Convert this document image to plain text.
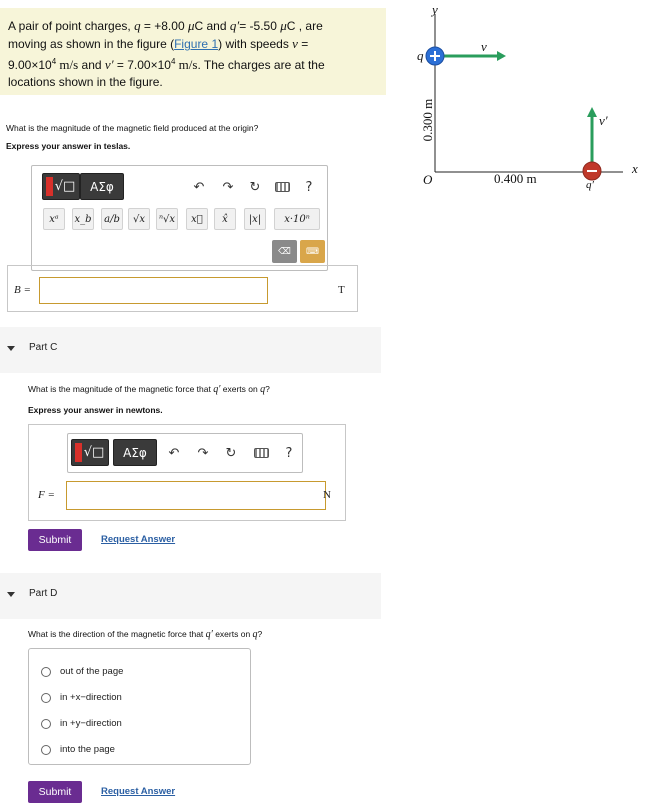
A pair of point charges, q = +8.00 μC and q′= -5.50 μC , are
moving as shown in the figure (Figure 1) with speeds v =
$9.00\times 10^4$ m/s and $v' = 7.00\times 10^4$ m/s. The charges are at the
locations shown in the figure.
What is the magnitude of the magnetic field produced at the origin?
Express your answer in teslas.
√□	ΑΣφ	↶	↷	↻	?
xᵃ	x_b	a/b	√x	ⁿ√x	x⃗	x̂	|x|	x·10ⁿ
⌫ ⌨
B =	T
Part C
What is the magnitude of the magnetic force that q′ exerts on q?
Express your answer in newtons.
√□	ΑΣφ	↶	↷	↻	?
F =	N
Submit	Request Answer
Part D
What is the direction of the magnetic force that q′ exerts on q?
out of the page
in +x−direction
in +y−direction
into the page
Submit	Request Answer
y
x
O
q
q′
v
v′
0.400 m
0.300 m
